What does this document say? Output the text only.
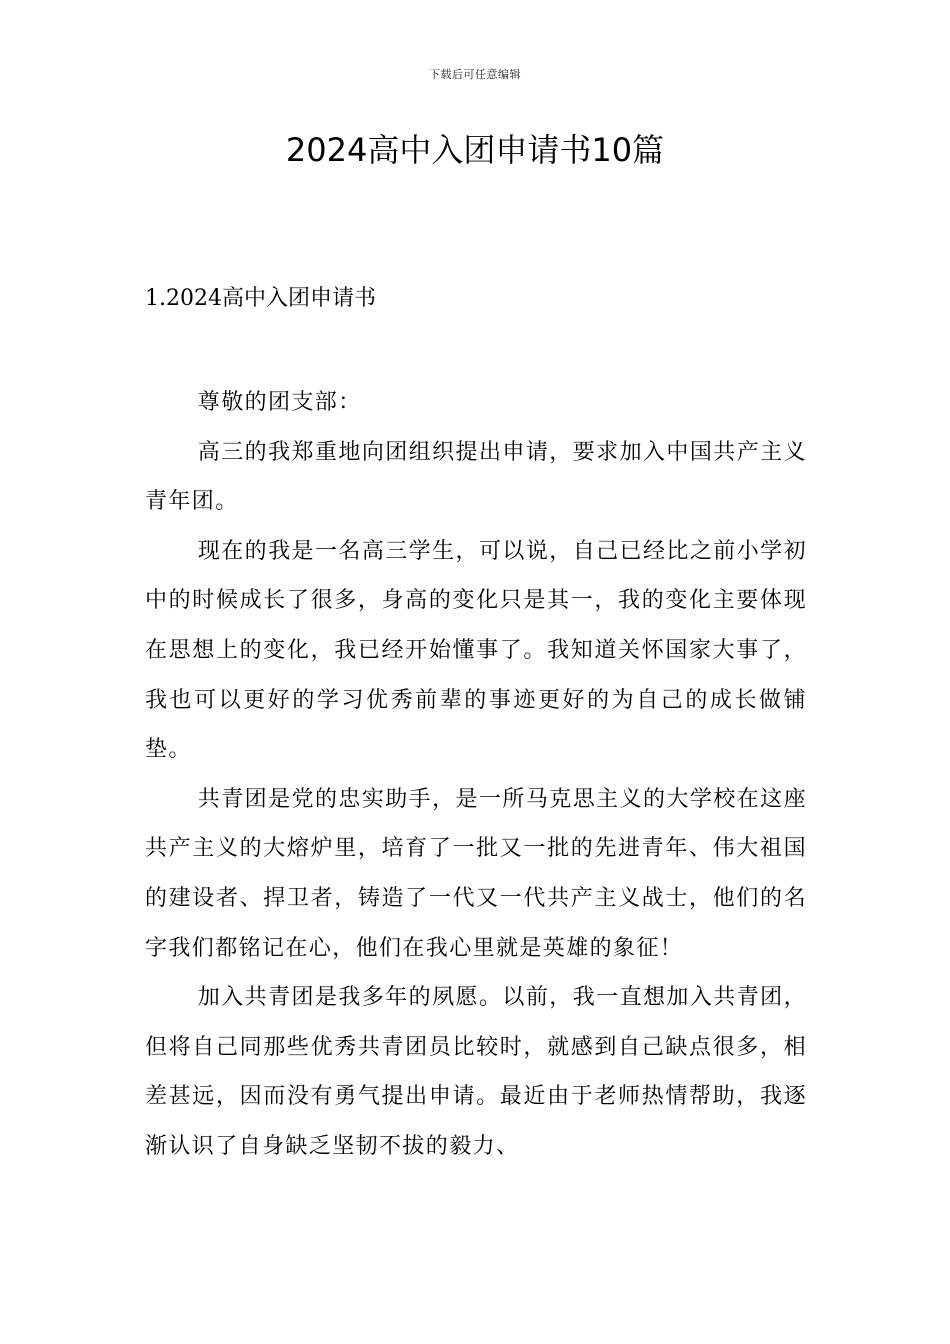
下载后可任意编辑
2024高中入团申请书10篇
1.2024高中入团申请书

尊敬的团支部：

高三的我郑重地向团组织提出申请，要求加入中国共产主义青年团。

现在的我是一名高三学生，可以说，自己已经比之前小学初中的时候成长了很多，身高的变化只是其一，我的变化主要体现在思想上的变化，我已经开始懂事了。我知道关怀国家大事了，我也可以更好的学习优秀前辈的事迹更好的为自己的成长做铺垫。

共青团是党的忠实助手，是一所马克思主义的大学校在这座共产主义的大熔炉里，培育了一批又一批的先进青年、伟大祖国的建设者、捍卫者，铸造了一代又一代共产主义战士，他们的名字我们都铭记在心，他们在我心里就是英雄的象征！

加入共青团是我多年的夙愿。以前，我一直想加入共青团，但将自己同那些优秀共青团员比较时，就感到自己缺点很多，相差甚远，因而没有勇气提出申请。最近由于老师热情帮助，我逐渐认识了自身缺乏坚韧不拔的毅力、
